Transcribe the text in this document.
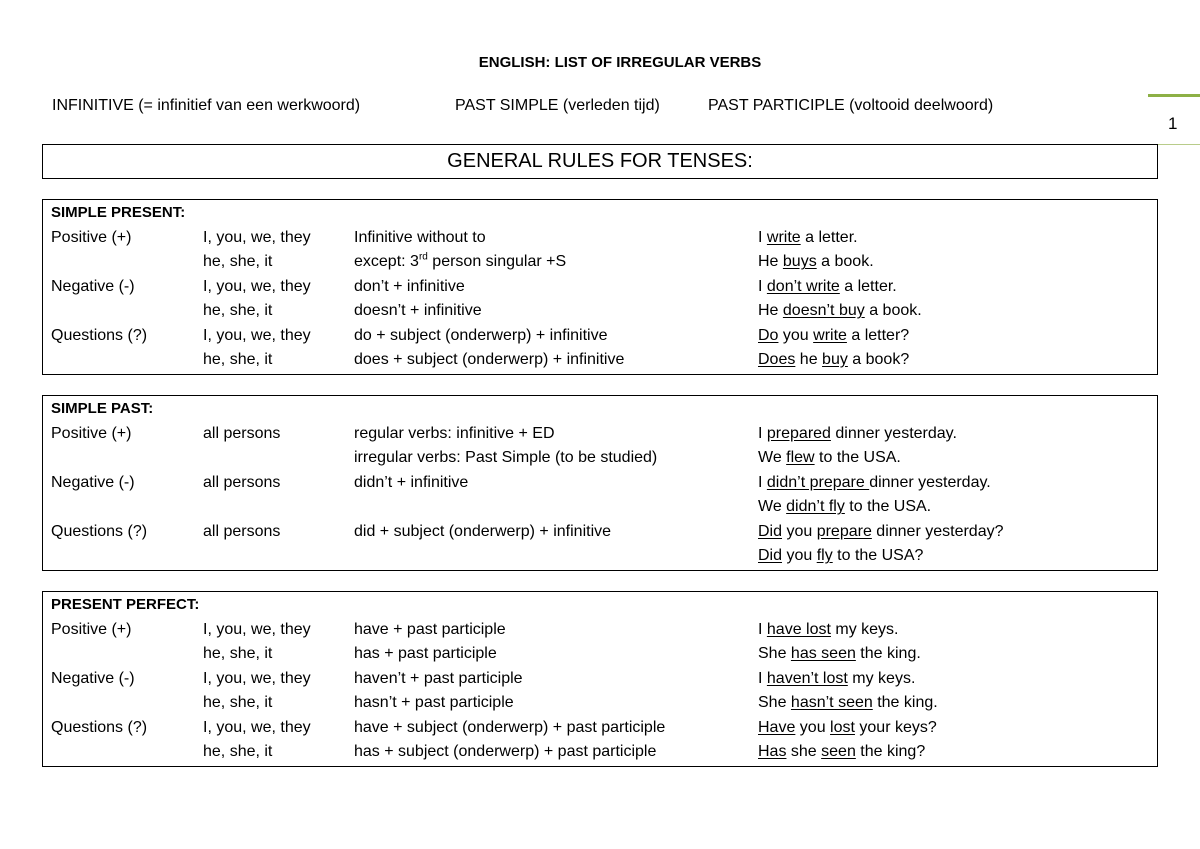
ENGLISH: LIST OF IRREGULAR VERBS
INFINITIVE (= infinitief van een werkwoord)	PAST SIMPLE (verleden tijd)	PAST PARTICIPLE (voltooid deelwoord)
1
GENERAL RULES FOR TENSES:
SIMPLE PRESENT:
Positive (+)	I, you, we, they	Infinitive without to	I write a letter.
he, she, it	except: 3rd person singular +S	He buys a book.
Negative (-)	I, you, we, they	don’t + infinitive	I don’t write a letter.
he, she, it	doesn’t + infinitive	He doesn’t buy a book.
Questions (?)	I, you, we, they	do + subject (onderwerp) + infinitive	Do you write a letter?
he, she, it	does + subject (onderwerp) + infinitive	Does he buy a book?
SIMPLE PAST:
Positive (+)	all persons	regular verbs: infinitive + ED	I prepared dinner yesterday.
irregular verbs: Past Simple (to be studied)	We flew to the USA.
Negative (-)	all persons	didn’t + infinitive	I didn’t prepare dinner yesterday.
We didn’t fly to the USA.
Questions (?)	all persons	did + subject (onderwerp) + infinitive	Did you prepare dinner yesterday?
Did you fly to the USA?
PRESENT PERFECT:
Positive (+)	I, you, we, they	have + past participle	I have lost my keys.
he, she, it	has + past participle	She has seen the king.
Negative (-)	I, you, we, they	haven’t + past participle	I haven’t lost my keys.
he, she, it	hasn’t + past participle	She hasn’t seen the king.
Questions (?)	I, you, we, they	have + subject (onderwerp) + past participle	Have you lost your keys?
he, she, it	has + subject (onderwerp) + past participle	Has she seen the king?
